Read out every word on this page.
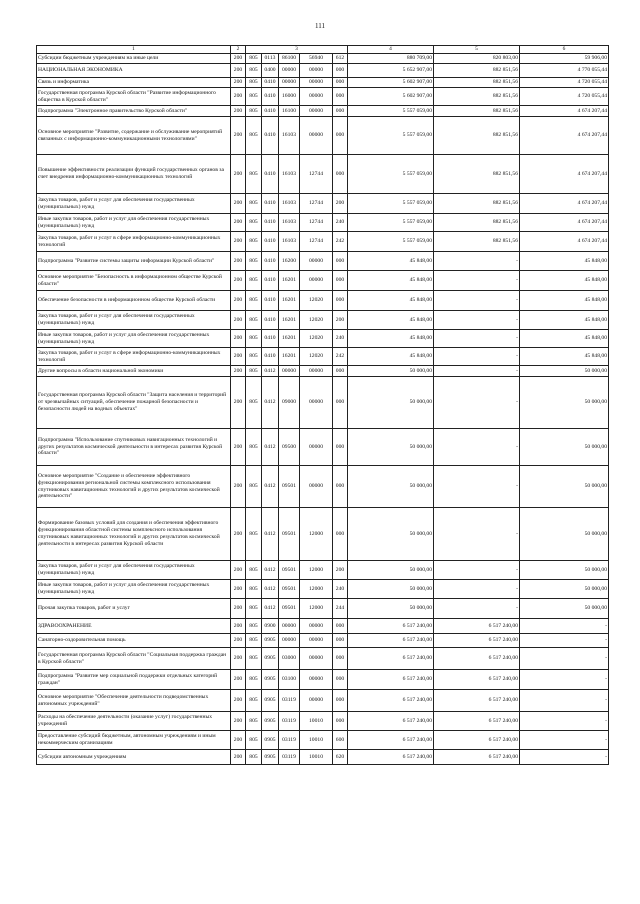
111
1	2	3					4	5	6
Субсидии бюджетным учреждениям на иные цели	200	805	0113	86100	56940	612	880 709,00	820 803,00	59 906,00
НАЦИОНАЛЬНАЯ ЭКОНОМИКА	200	805	0400	00000	00000	000	5 652 907,00	882 851,56	4 770 055,44
Связь и информатика	200	805	0410	00000	00000	000	5 602 907,00	882 851,56	4 720 055,44
Государственная программа Курской области "Развитие информационного общества в Курской области"	200	805	0410	16000	00000	000	5 602 907,00	882 851,56	4 720 055,44
Подпрограмма "Электронное правительство Курской области"	200	805	0410	16100	00000	000	5 557 059,00	882 851,56	4 674 207,44
Основное мероприятие "Развитие, содержание и обслуживание мероприятий связанных с информационно-коммуникационными технологиями"	200	805	0410	16103	00000	000	5 557 059,00	882 851,56	4 674 207,44
Повышение эффективности реализации функций государственных органов за счет внедрения информационно-коммуникационных технологий	200	805	0410	16103	12744	000	5 557 059,00	882 851,56	4 674 207,44
Закупка товаров, работ и услуг для обеспечения государственных (муниципальных) нужд	200	805	0410	16103	12744	200	5 557 059,00	882 851,56	4 674 207,44
Иные закупки товаров, работ и услуг для обеспечения государственных (муниципальных) нужд	200	805	0410	16103	12744	240	5 557 059,00	882 851,56	4 674 207,44
Закупка товаров, работ и услуг в сфере информационно-коммуникационных технологий	200	805	0410	16103	12744	242	5 557 059,00	882 851,56	4 674 207,44
Подпрограмма "Развитие системы защиты информации Курской области"	200	805	0410	16200	00000	000	45 848,00	-	45 848,00
Основное мероприятие "Безопасность в информационном обществе Курской области"	200	805	0410	16201	00000	000	45 848,00	-	45 848,00
Обеспечение безопасности в информационном обществе Курской области	200	805	0410	16201	12020	000	45 848,00	-	45 848,00
Закупка товаров, работ и услуг для обеспечения государственных (муниципальных) нужд	200	805	0410	16201	12020	200	45 848,00	-	45 848,00
Иные закупки товаров, работ и услуг для обеспечения государственных (муниципальных) нужд	200	805	0410	16201	12020	240	45 848,00	-	45 848,00
Закупка товаров, работ и услуг в сфере информационно-коммуникационных технологий	200	805	0410	16201	12020	242	45 848,00	-	45 848,00
Другие вопросы в области национальной экономики	200	805	0412	00000	00000	000	50 000,00	-	50 000,00
Государственная программа Курской области "Защита населения и территорий от чрезвычайных ситуаций, обеспечение пожарной безопасности и безопасности людей на водных объектах"	200	805	0412	09000	00000	000	50 000,00	-	50 000,00
Подпрограмма "Использование спутниковых навигационных технологий и других результатов космической деятельности в интересах развития Курской области"	200	805	0412	09500	00000	000	50 000,00	-	50 000,00
Основное мероприятие "Создание и обеспечение эффективного функционирования региональной системы комплексного использования спутниковых навигационных технологий и других результатов космической деятельности"	200	805	0412	09501	00000	000	50 000,00	-	50 000,00
Формирование базовых условий для создания и обеспечения эффективного функционирования областной системы комплексного использования спутниковых навигационных технологий и других результатов космической деятельности в интересах развития Курской области	200	805	0412	09501	12000	000	50 000,00	-	50 000,00
Закупка товаров, работ и услуг для обеспечения государственных (муниципальных) нужд	200	805	0412	09501	12000	200	50 000,00	-	50 000,00
Иные закупки товаров, работ и услуг для обеспечения государственных (муниципальных) нужд	200	805	0412	09501	12000	240	50 000,00	-	50 000,00
Прочая закупка товаров, работ и услуг	200	805	0412	09501	12000	244	50 000,00	-	50 000,00
ЗДРАВООХРАНЕНИЕ	200	805	0900	00000	00000	000	6 517 240,00	6 517 240,00	-
Санаторно-оздоровительная помощь	200	805	0905	00000	00000	000	6 517 240,00	6 517 240,00	-
Государственная программа Курской области "Социальная поддержка граждан в Курской области"	200	805	0905	03000	00000	000	6 517 240,00	6 517 240,00	-
Подпрограмма "Развитие мер социальной поддержки отдельных категорий граждан"	200	805	0905	03100	00000	000	6 517 240,00	6 517 240,00	-
Основное мероприятие "Обеспечение деятельности подведомственных автономных учреждений"	200	805	0905	03119	00000	000	6 517 240,00	6 517 240,00	-
Расходы на обеспечение деятельности (оказание услуг) государственных учреждений	200	805	0905	03119	10010	000	6 517 240,00	6 517 240,00	-
Предоставление субсидий бюджетным, автономным учреждениям и иным некоммерческим организациям	200	805	0905	03119	10010	600	6 517 240,00	6 517 240,00	-
Субсидии автономным учреждениям	200	805	0905	03119	10010	620	6 517 240,00	6 517 240,00	-
